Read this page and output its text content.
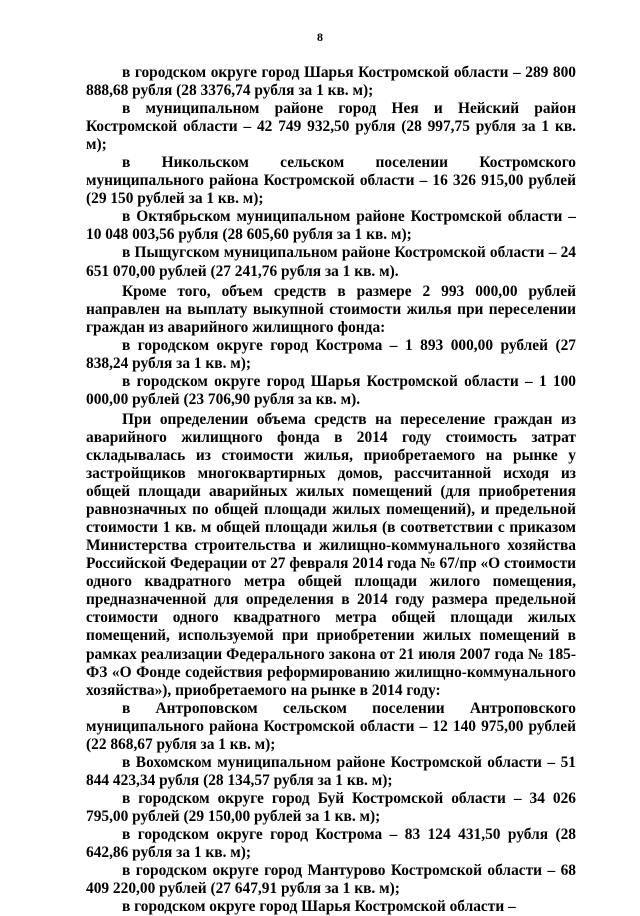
8

в городском округе город Шарья Костромской области – 289 800 888,68 рубля (28 3376,74 рубля за 1 кв. м);

в муниципальном районе город Нея и Нейский район Костромской области – 42 749 932,50 рубля (28 997,75 рубля за 1 кв. м);

в Никольском сельском поселении Костромского муниципального района Костромской области – 16 326 915,00 рублей (29 150 рублей за 1 кв. м);

в Октябрьском муниципальном районе Костромской области – 10 048 003,56 рубля (28 605,60 рубля за 1 кв. м);

в Пыщугском муниципальном районе Костромской области – 24 651 070,00 рублей (27 241,76 рубля за 1 кв. м).

Кроме того, объем средств в размере 2 993 000,00 рублей направлен на выплату выкупной стоимости жилья при переселении граждан из аварийного жилищного фонда:

в городском округе город Кострома – 1 893 000,00 рублей (27 838,24 рубля за 1 кв. м);

в городском округе город Шарья Костромской области – 1 100 000,00 рублей (23 706,90 рубля за кв. м).

При определении объема средств на переселение граждан из аварийного жилищного фонда в 2014 году стоимость затрат складывалась из стоимости жилья, приобретаемого на рынке у застройщиков многоквартирных домов, рассчитанной исходя из общей площади аварийных жилых помещений (для приобретения равнозначных по общей площади жилых помещений), и предельной стоимости 1 кв. м общей площади жилья (в соответствии с приказом Министерства строительства и жилищно-коммунального хозяйства Российской Федерации от 27 февраля 2014 года № 67/пр «О стоимости одного квадратного метра общей площади жилого помещения, предназначенной для определения в 2014 году размера предельной стоимости одного квадратного метра общей площади жилых помещений, используемой при приобретении жилых помещений в рамках реализации Федерального закона от 21 июля 2007 года № 185-ФЗ «О Фонде содействия реформированию жилищно-коммунального хозяйства»), приобретаемого на рынке в 2014 году:

в Антроповском сельском поселении Антроповского муниципального района Костромской области – 12 140 975,00 рублей (22 868,67 рубля за 1 кв. м);

в Вохомском муниципальном районе Костромской области – 51 844 423,34 рубля (28 134,57 рубля за 1 кв. м);

в городском округе город Буй Костромской области – 34 026 795,00 рублей (29 150,00 рублей за 1 кв. м);

в городском округе город Кострома – 83 124 431,50 рубля (28 642,86 рубля за 1 кв. м);

в городском округе город Мантурово Костромской области – 68 409 220,00 рублей (27 647,91 рубля за 1 кв. м);

в городском округе город Шарья Костромской области –
